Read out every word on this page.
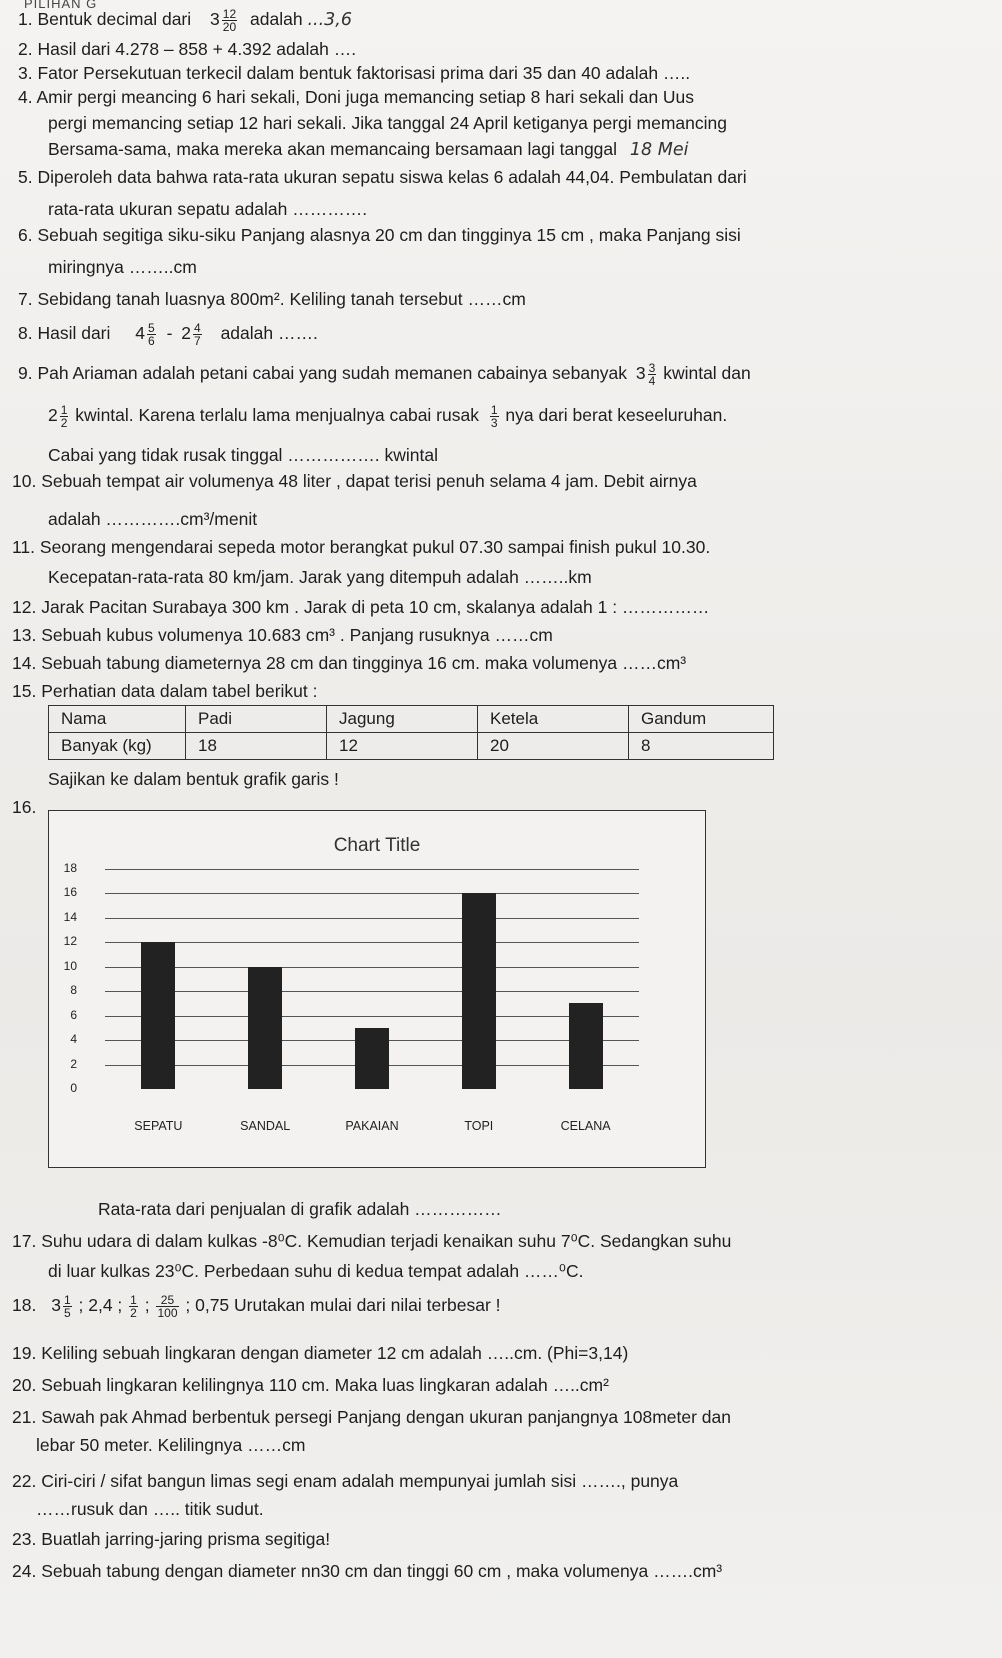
PILIHAN G
1. Bentuk decimal dari $3 \frac{12}{20}$ adalah ...3,6
2. Hasil dari 4.278 – 858 + 4.392 adalah ….
3. Fator Persekutuan terkecil dalam bentuk faktorisasi prima dari 35 dan 40 adalah …..
4. Amir pergi meancing 6 hari sekali, Doni juga memancing setiap 8 hari sekali dan Uus
pergi memancing setiap 12 hari sekali. Jika tanggal 24 April ketiganya pergi memancing
Bersama-sama, maka mereka akan memancaing bersamaan lagi tanggal 18 Mei
5. Diperoleh data bahwa rata-rata ukuran sepatu siswa kelas 6 adalah 44,04. Pembulatan dari
rata-rata ukuran sepatu adalah ………….
6. Sebuah segitiga siku-siku Panjang alasnya 20 cm dan tingginya 15 cm , maka Panjang sisi
miringnya ……..cm
7. Sebidang tanah luasnya 800m². Keliling tanah tersebut ……cm
8. Hasil dari $4 \frac{5}{6} - 2 \frac{4}{7}$ adalah …….
9. Pah Ariaman adalah petani cabai yang sudah memanen cabainya sebanyak $3 \frac{3}{4}$ kwintal dan
$2 \frac{1}{2}$ kwintal. Karena terlalu lama menjualnya cabai rusak $\frac{1}{3}$ nya dari berat keseeluruhan.
Cabai yang tidak rusak tinggal ……………. kwintal
10. Sebuah tempat air volumenya 48 liter , dapat terisi penuh selama 4 jam. Debit airnya
adalah ………….cm³/menit
11. Seorang mengendarai sepeda motor berangkat pukul 07.30 sampai finish pukul 10.30.
Kecepatan-rata-rata 80 km/jam. Jarak yang ditempuh adalah ……..km
12. Jarak Pacitan Surabaya 300 km . Jarak di peta 10 cm, skalanya adalah 1 : ……………
13. Sebuah kubus volumenya 10.683 cm³ . Panjang rusuknya ……cm
14. Sebuah tabung diameternya 28 cm dan tingginya 16 cm. maka volumenya ……cm³
15. Perhatian data dalam tabel berikut :
Nama	Padi	Jagung	Ketela	Gandum
Banyak (kg)	18	12	20	8
Sajikan ke dalam bentuk grafik garis !
16.
Chart Title
0
2
4
6
8
10
12
14
16
18
SEPATU	SANDAL	PAKAIAN	TOPI	CELANA
Rata-rata dari penjualan di grafik adalah ……………
17. Suhu udara di dalam kulkas -8⁰C. Kemudian terjadi kenaikan suhu 7⁰C. Sedangkan suhu
di luar kulkas 23⁰C. Perbedaan suhu di kedua tempat adalah ……⁰C.
18. $3 \frac{1}{5}$ ; 2,4 ; $\frac{1}{2}$ ; $\frac{25}{100}$ ; 0,75 Urutakan mulai dari nilai terbesar !
19. Keliling sebuah lingkaran dengan diameter 12 cm adalah …..cm. (Phi=3,14)
20. Sebuah lingkaran kelilingnya 110 cm. Maka luas lingkaran adalah …..cm²
21. Sawah pak Ahmad berbentuk persegi Panjang dengan ukuran panjangnya 108meter dan
lebar 50 meter. Kelilingnya ……cm
22. Ciri-ciri / sifat bangun limas segi enam adalah mempunyai jumlah sisi ……., punya
……rusuk dan ….. titik sudut.
23. Buatlah jarring-jaring prisma segitiga!
24. Sebuah tabung dengan diameter nn30 cm dan tinggi 60 cm , maka volumenya …….cm³
